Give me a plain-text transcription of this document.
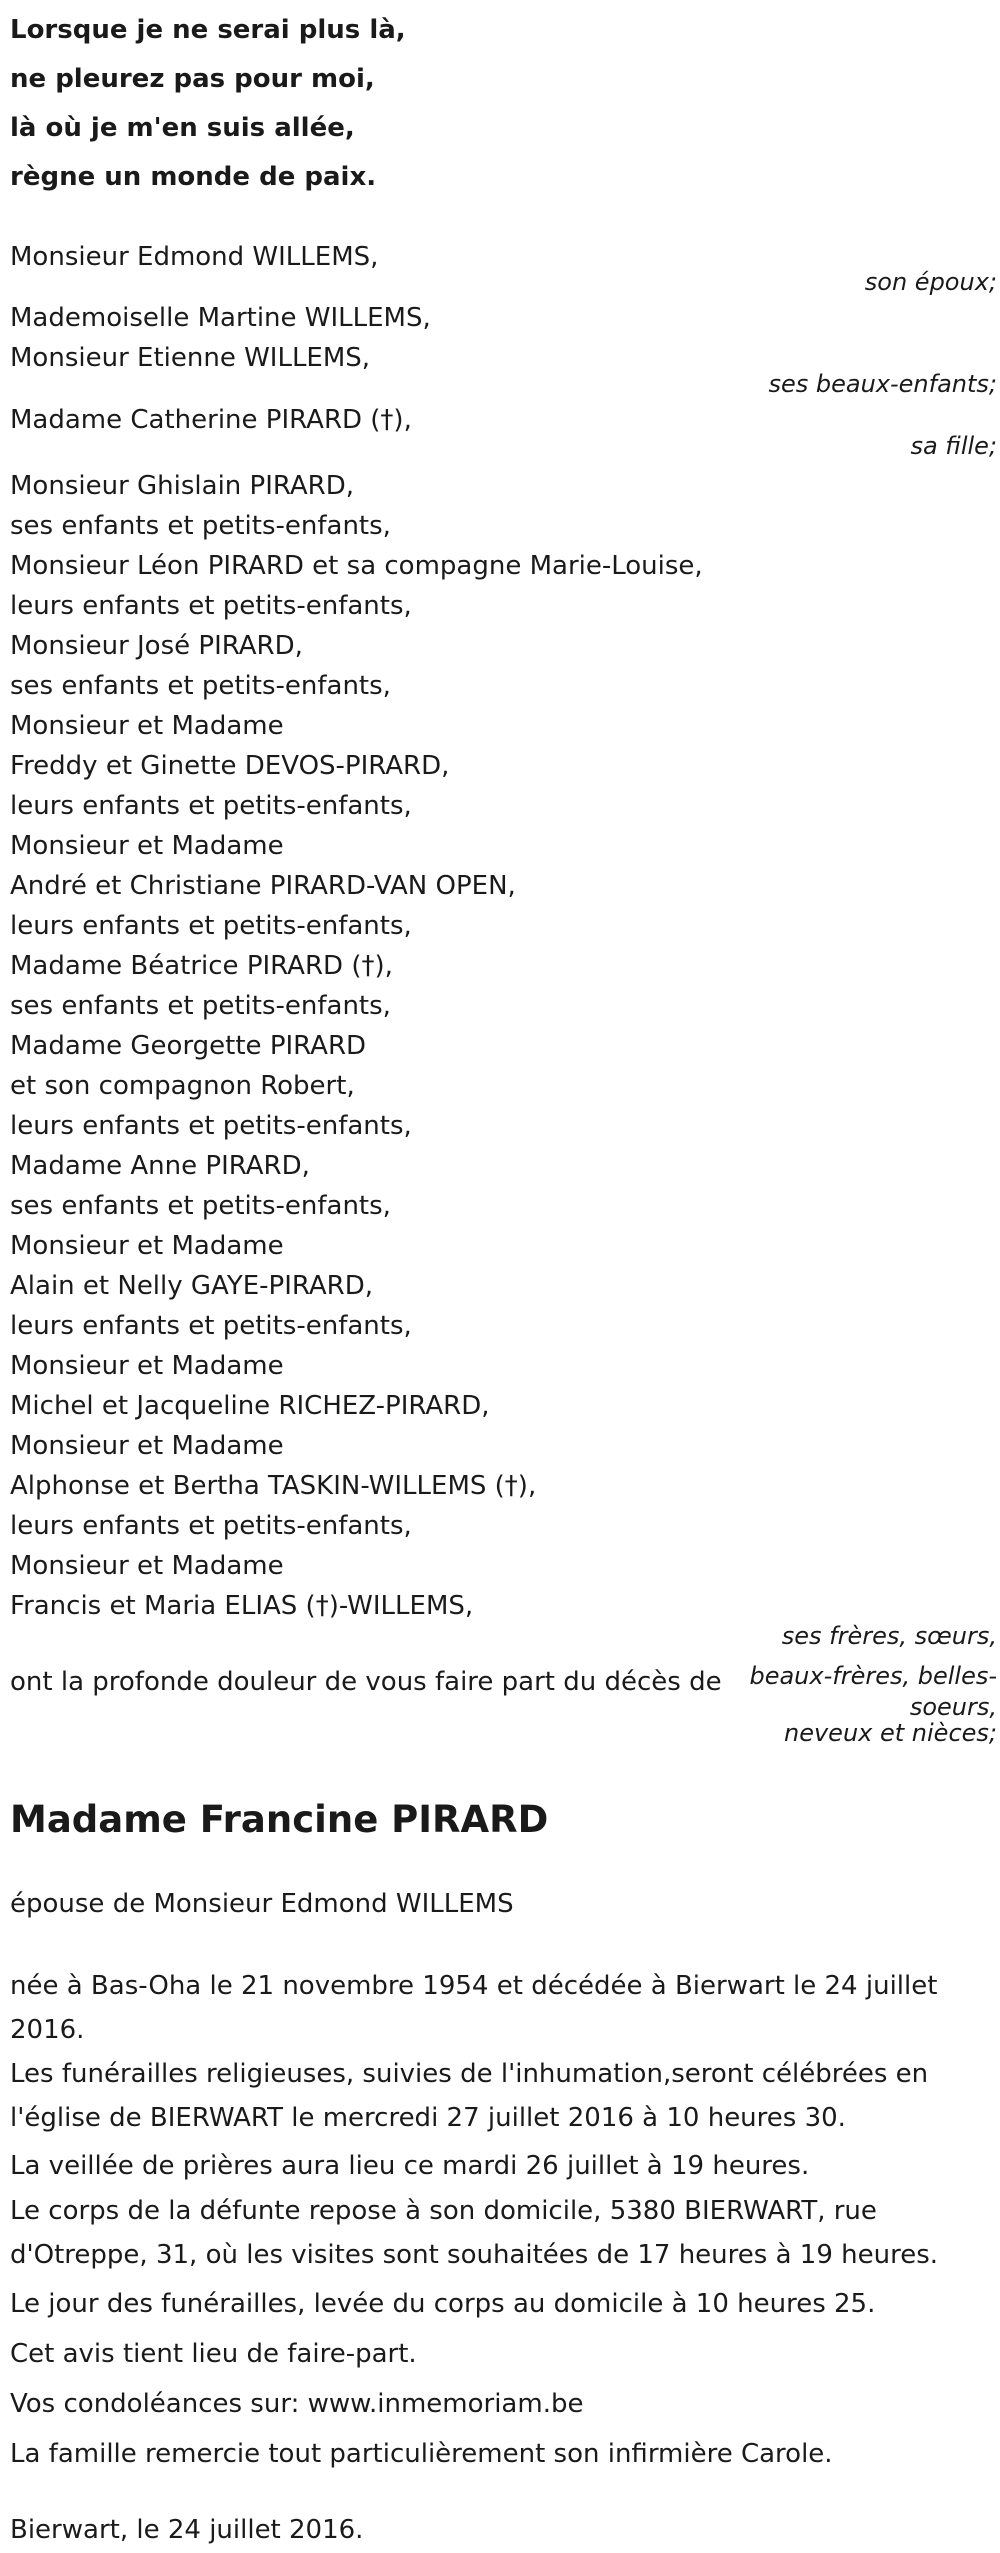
Lorsque je ne serai plus là,
ne pleurez pas pour moi,
là où je m'en suis allée,
règne un monde de paix.
Monsieur Edmond WILLEMS,
son époux;
Mademoiselle Martine WILLEMS,
Monsieur Etienne WILLEMS,
ses beaux-enfants;
Madame Catherine PIRARD (†),
sa fille;
Monsieur Ghislain PIRARD,
ses enfants et petits-enfants,
Monsieur Léon PIRARD et sa compagne Marie-Louise,
leurs enfants et petits-enfants,
Monsieur José PIRARD,
ses enfants et petits-enfants,
Monsieur et Madame
Freddy et Ginette DEVOS-PIRARD,
leurs enfants et petits-enfants,
Monsieur et Madame
André et Christiane PIRARD-VAN OPEN,
leurs enfants et petits-enfants,
Madame Béatrice PIRARD (†),
ses enfants et petits-enfants,
Madame Georgette PIRARD
et son compagnon Robert,
leurs enfants et petits-enfants,
Madame Anne PIRARD,
ses enfants et petits-enfants,
Monsieur et Madame
Alain et Nelly GAYE-PIRARD,
leurs enfants et petits-enfants,
Monsieur et Madame
Michel et Jacqueline RICHEZ-PIRARD,
Monsieur et Madame
Alphonse et Bertha TASKIN-WILLEMS (†),
leurs enfants et petits-enfants,
Monsieur et Madame
Francis et Maria ELIAS (†)-WILLEMS,
ses frères, sœurs,
beaux-frères, belles-
soeurs,
neveux et nièces;
ont la profonde douleur de vous faire part du décès de
Madame Francine PIRARD
épouse de Monsieur Edmond WILLEMS
née à Bas-Oha le 21 novembre 1954 et décédée à Bierwart le 24 juillet 2016.
Les funérailles religieuses, suivies de l'inhumation,seront célébrées en l'église de BIERWART le mercredi 27 juillet 2016 à 10 heures 30.
La veillée de prières aura lieu ce mardi 26 juillet à 19 heures.
Le corps de la défunte repose à son domicile, 5380 BIERWART, rue d'Otreppe, 31, où les visites sont souhaitées de 17 heures à 19 heures.
Le jour des funérailles, levée du corps au domicile à 10 heures 25.
Cet avis tient lieu de faire-part.
Vos condoléances sur: www.inmemoriam.be
La famille remercie tout particulièrement son infirmière Carole.
Bierwart, le 24 juillet 2016.
